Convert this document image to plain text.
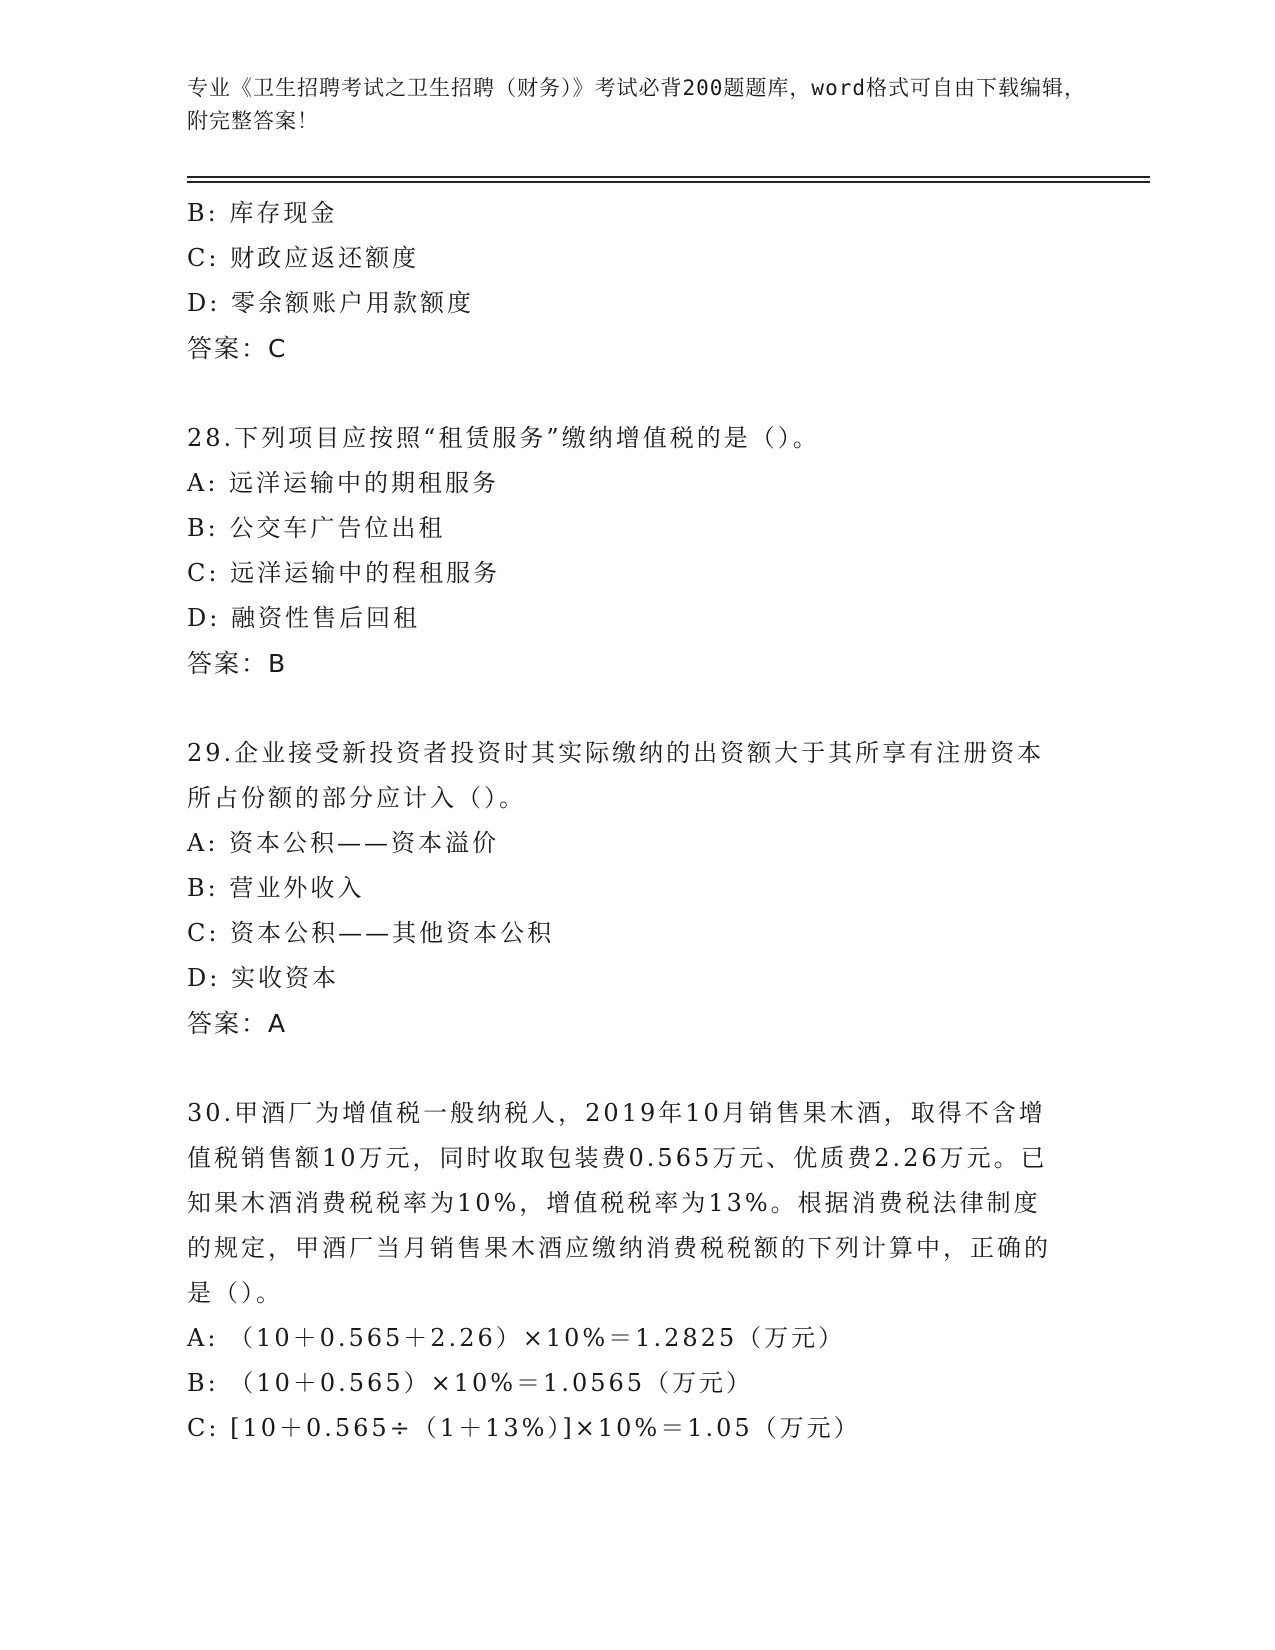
专业《卫生招聘考试之卫生招聘（财务）》考试必背200题题库，word格式可自由下载编辑，附完整答案！
B: 库存现金
C: 财政应返还额度
D: 零余额账户用款额度
答案：C
28.下列项目应按照“租赁服务”缴纳增值税的是（）。
A: 远洋运输中的期租服务
B: 公交车广告位出租
C: 远洋运输中的程租服务
D: 融资性售后回租
答案：B
29.企业接受新投资者投资时其实际缴纳的出资额大于其所享有注册资本所占份额的部分应计入（）。
A: 资本公积——资本溢价
B: 营业外收入
C: 资本公积——其他资本公积
D: 实收资本
答案：A
30.甲酒厂为增值税一般纳税人，2019年10月销售果木酒，取得不含增值税销售额10万元，同时收取包装费0.565万元、优质费2.26万元。已知果木酒消费税税率为10%，增值税税率为13%。根据消费税法律制度的规定，甲酒厂当月销售果木酒应缴纳消费税税额的下列计算中，正确的是（）。
A: （10＋0.565＋2.26）×10%＝1.2825（万元）
B: （10＋0.565）×10%＝1.0565（万元）
C: [10＋0.565÷（1＋13%）]×10%＝1.05（万元）
